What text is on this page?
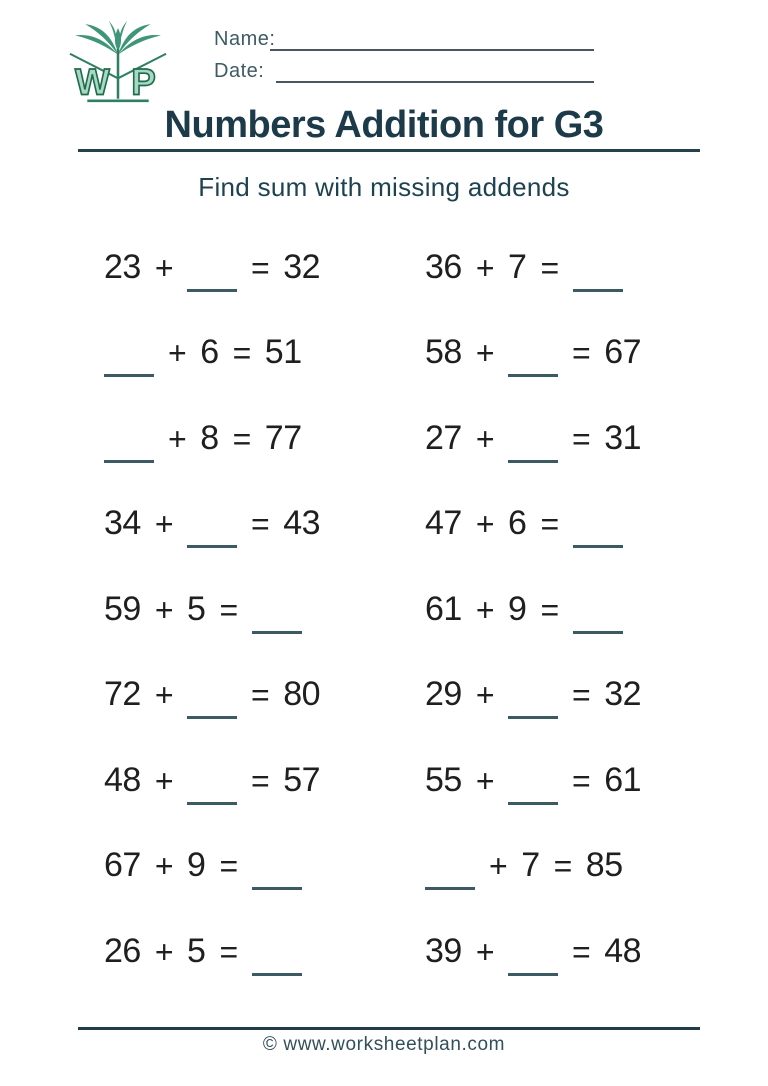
W P
Name:
Date:
Numbers Addition for G3
Find sum with missing addends
23 + = 32	36 + 7 =
+ 6 = 51	58 + = 67
+ 8 = 77	27 + = 31
34 + = 43	47 + 6 =
59 + 5 =	61 + 9 =
72 + = 80	29 + = 32
48 + = 57	55 + = 61
67 + 9 =	+ 7 = 85
26 + 5 =	39 + = 48
© www.worksheetplan.com
